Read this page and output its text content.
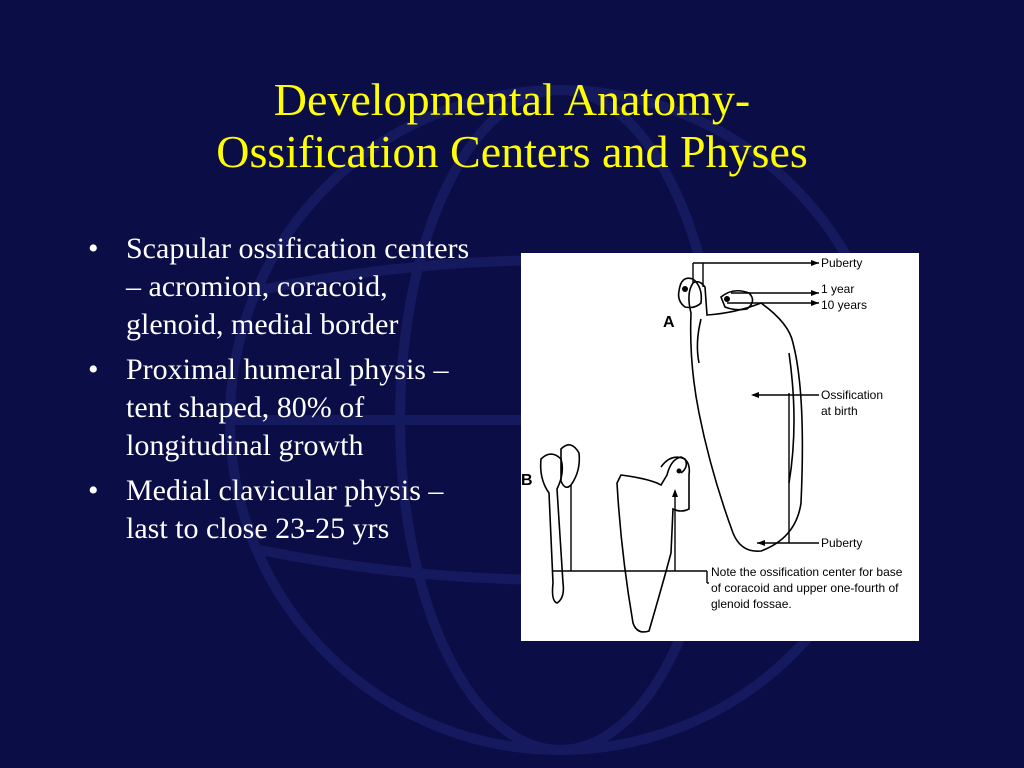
Developmental Anatomy-
Ossification Centers and Physes
• Scapular ossification centers – acromion, coracoid, glenoid, medial border
• Proximal humeral physis – tent shaped, 80% of longitudinal growth
• Medial clavicular physis – last to close 23-25 yrs
A
B
Puberty
1 year
10 years
Ossification
at birth
Puberty
Note the ossification center for base
of coracoid and upper one-fourth of
glenoid fossae.
